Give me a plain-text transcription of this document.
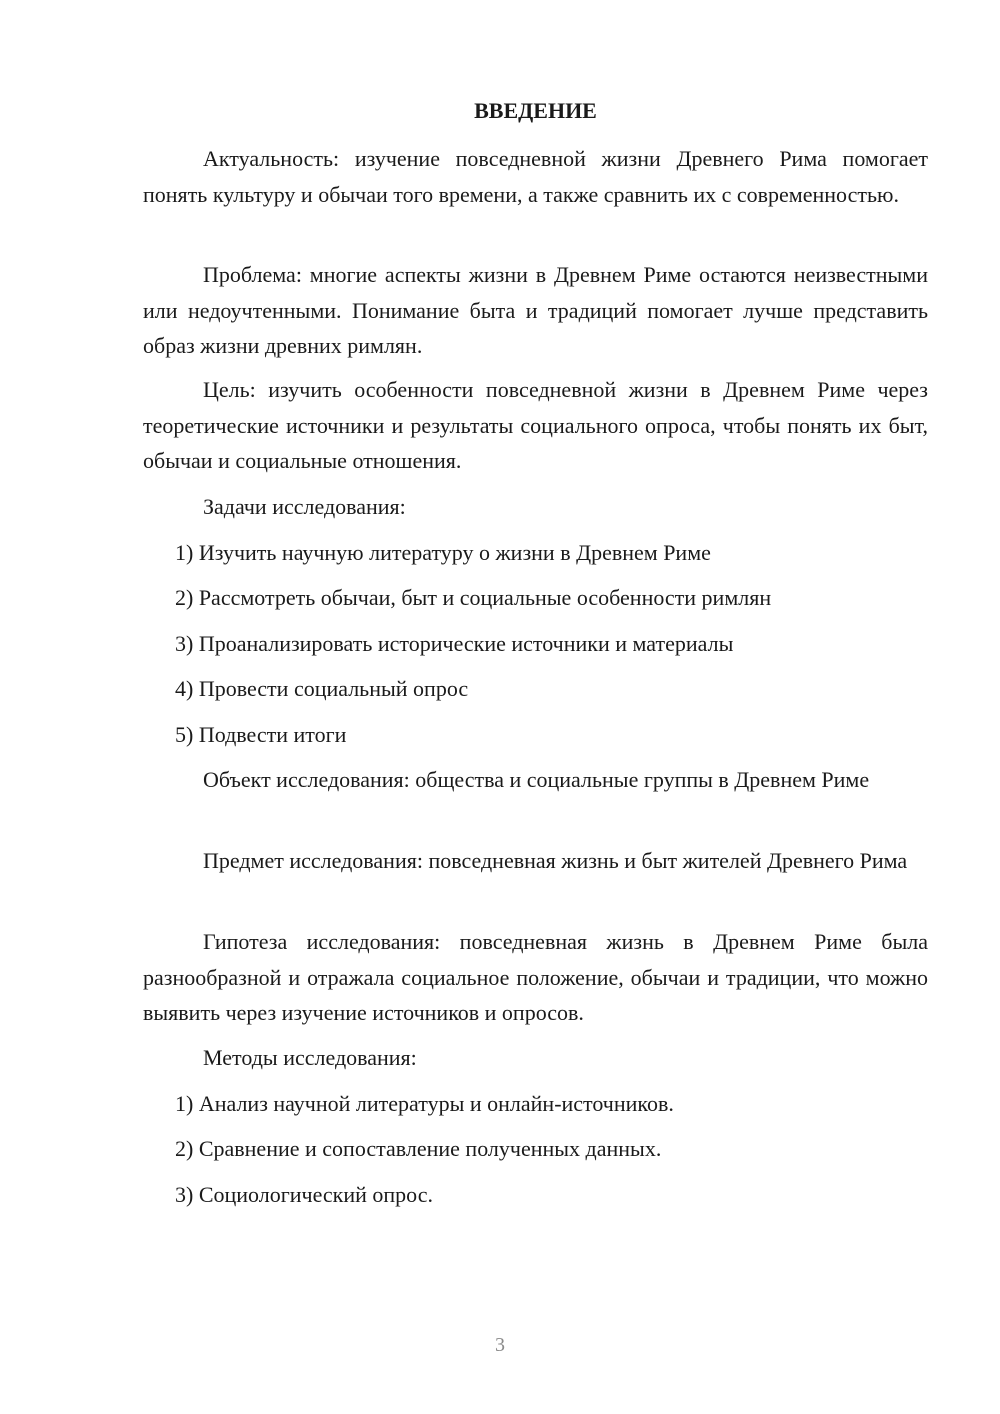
ВВЕДЕНИЕ

Актуальность: изучение повседневной жизни Древнего Рима помогает понять культуру и обычаи того времени, а также сравнить их с современностью.

Проблема: многие аспекты жизни в Древнем Риме остаются неизвестными или недоучтенными. Понимание быта и традиций помогает лучше представить образ жизни древних римлян.

Цель: изучить особенности повседневной жизни в Древнем Риме через теоретические источники и результаты социального опроса, чтобы понять их быт, обычаи и социальные отношения.

Задачи исследования:

1) Изучить научную литературу о жизни в Древнем Риме

2) Рассмотреть обычаи, быт и социальные особенности римлян

3) Проанализировать исторические источники и материалы

4) Провести социальный опрос

5) Подвести итоги

Объект исследования: общества и социальные группы в Древнем Риме

Предмет исследования: повседневная жизнь и быт жителей Древнего Рима

Гипотеза исследования: повседневная жизнь в Древнем Риме была разнообразной и отражала социальное положение, обычаи и традиции, что можно выявить через изучение источников и опросов.

Методы исследования:

1) Анализ научной литературы и онлайн-источников.

2) Сравнение и сопоставление полученных данных.

3) Социологический опрос.

3
